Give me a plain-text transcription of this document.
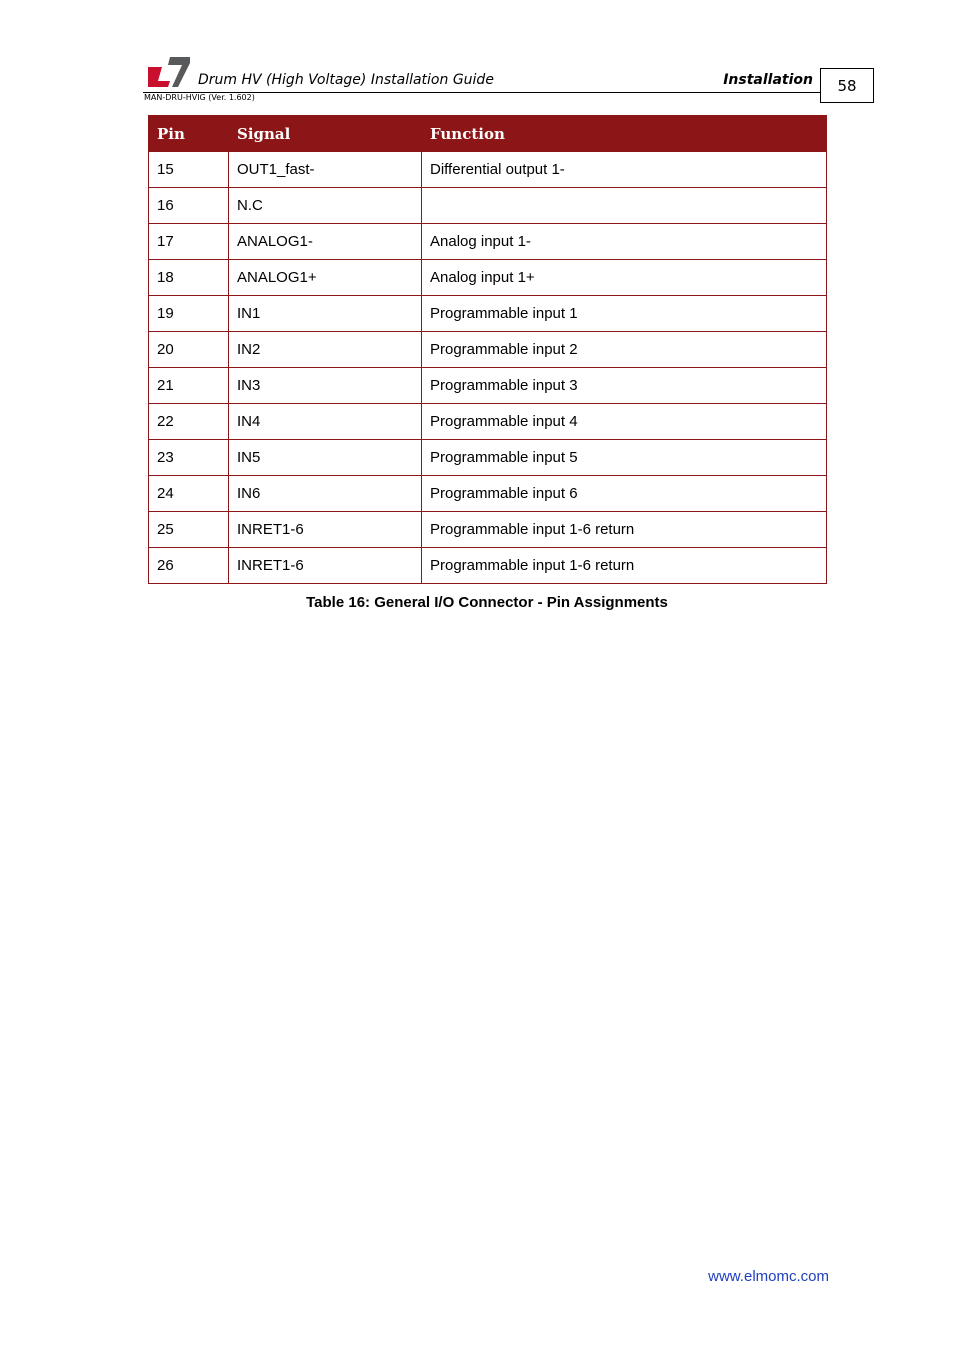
Drum HV (High Voltage) Installation Guide	Installation	58
MAN-DRU-HVIG (Ver. 1.602)
Pin	Signal	Function
15	OUT1_fast-	Differential output 1-
16	N.C	
17	ANALOG1-	Analog input 1-
18	ANALOG1+	Analog input 1+
19	IN1	Programmable input 1
20	IN2	Programmable input 2
21	IN3	Programmable input 3
22	IN4	Programmable input 4
23	IN5	Programmable input 5
24	IN6	Programmable input 6
25	INRET1-6	Programmable input 1-6 return
26	INRET1-6	Programmable input 1-6 return
Table 16: General I/O Connector - Pin Assignments
www.elmomc.com
